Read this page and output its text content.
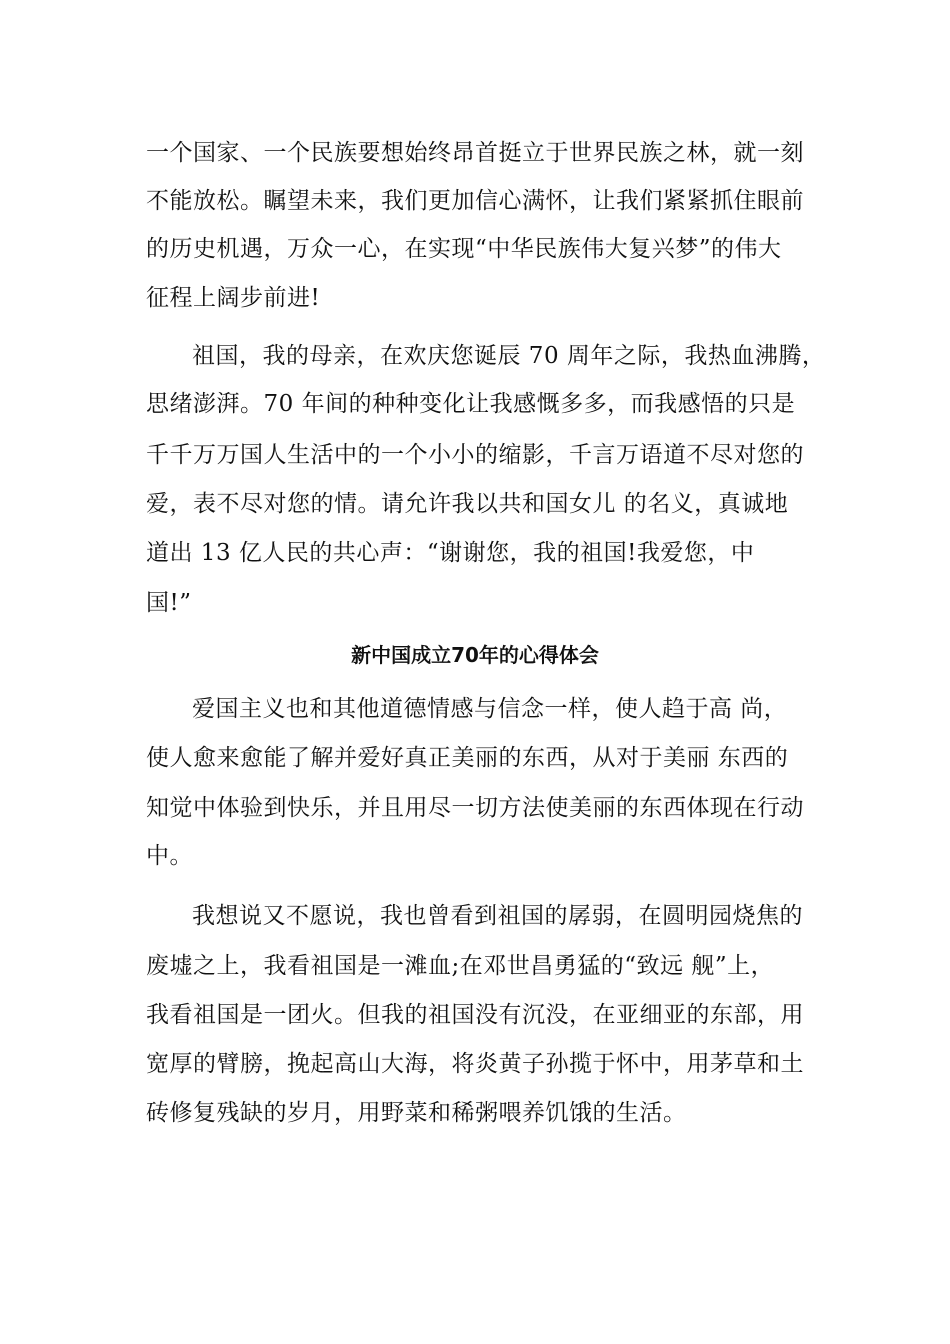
一个国家、一个民族要想始终昂首挺立于世界民族之林，就一刻
不能放松。瞩望未来，我们更加信心满怀，让我们紧紧抓住眼前
的历史机遇，万众一心，在实现“中华民族伟大复兴梦”的伟大
征程上阔步前进!
祖国，我的母亲，在欢庆您诞辰 70 周年之际，我热血沸腾，
思绪澎湃。70 年间的种种变化让我感慨多多，而我感悟的只是
千千万万国人生活中的一个小小的缩影，千言万语道不尽对您的
爱，表不尽对您的情。请允许我以共和国女儿 的名义，真诚地
道出 13 亿人民的共心声：“谢谢您，我的祖国!我爱您，中
国!”
新中国成立70年的心得体会
爱国主义也和其他道德情感与信念一样，使人趋于高 尚，
使人愈来愈能了解并爱好真正美丽的东西，从对于美丽 东西的
知觉中体验到快乐，并且用尽一切方法使美丽的东西体现在行动
中。
我想说又不愿说，我也曾看到祖国的孱弱，在圆明园烧焦的
废墟之上，我看祖国是一滩血;在邓世昌勇猛的“致远 舰”上，
我看祖国是一团火。但我的祖国没有沉没，在亚细亚的东部，用
宽厚的臂膀，挽起高山大海，将炎黄子孙揽于怀中，用茅草和土
砖修复残缺的岁月，用野菜和稀粥喂养饥饿的生活。
